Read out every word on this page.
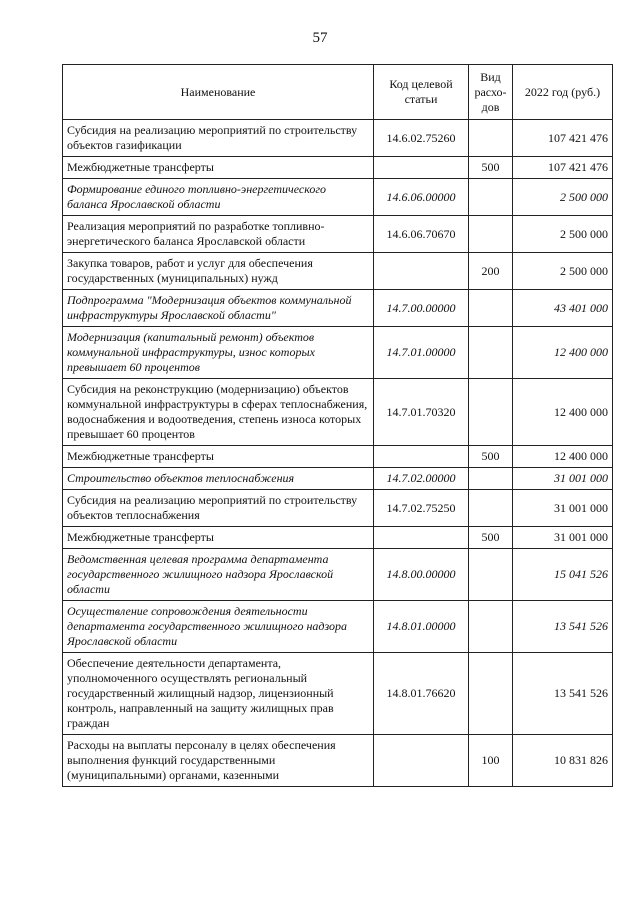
57
Наименование	Код целевой статьи	Вид расхо-дов	2022 год (руб.)
Субсидия на реализацию мероприятий по строительству объектов газификации	14.6.02.75260		107 421 476
Межбюджетные трансферты		500	107 421 476
Формирование единого топливно-энергетического баланса Ярославской области	14.6.06.00000		2 500 000
Реализация мероприятий по разработке топливно-энергетического баланса Ярославской области	14.6.06.70670		2 500 000
Закупка товаров, работ и услуг для обеспечения государственных (муниципальных) нужд		200	2 500 000
Подпрограмма "Модернизация объектов коммунальной инфраструктуры Ярославской области"	14.7.00.00000		43 401 000
Модернизация (капитальный ремонт) объектов коммунальной инфраструктуры, износ которых превышает 60 процентов	14.7.01.00000		12 400 000
Субсидия на реконструкцию (модернизацию) объектов коммунальной инфраструктуры в сферах теплоснабжения, водоснабжения и водоотведения, степень износа которых превышает 60 процентов	14.7.01.70320		12 400 000
Межбюджетные трансферты		500	12 400 000
Строительство объектов теплоснабжения	14.7.02.00000		31 001 000
Субсидия на реализацию мероприятий по строительству объектов теплоснабжения	14.7.02.75250		31 001 000
Межбюджетные трансферты		500	31 001 000
Ведомственная целевая программа департамента государственного жилищного надзора Ярославской области	14.8.00.00000		15 041 526
Осуществление сопровождения деятельности департамента государственного жилищного надзора Ярославской области	14.8.01.00000		13 541 526
Обеспечение деятельности департамента, уполномоченного осуществлять региональный государственный жилищный надзор, лицензионный контроль, направленный на защиту жилищных прав граждан	14.8.01.76620		13 541 526
Расходы на выплаты персоналу в целях обеспечения выполнения функций государственными (муниципальными) органами, казенными		100	10 831 826
